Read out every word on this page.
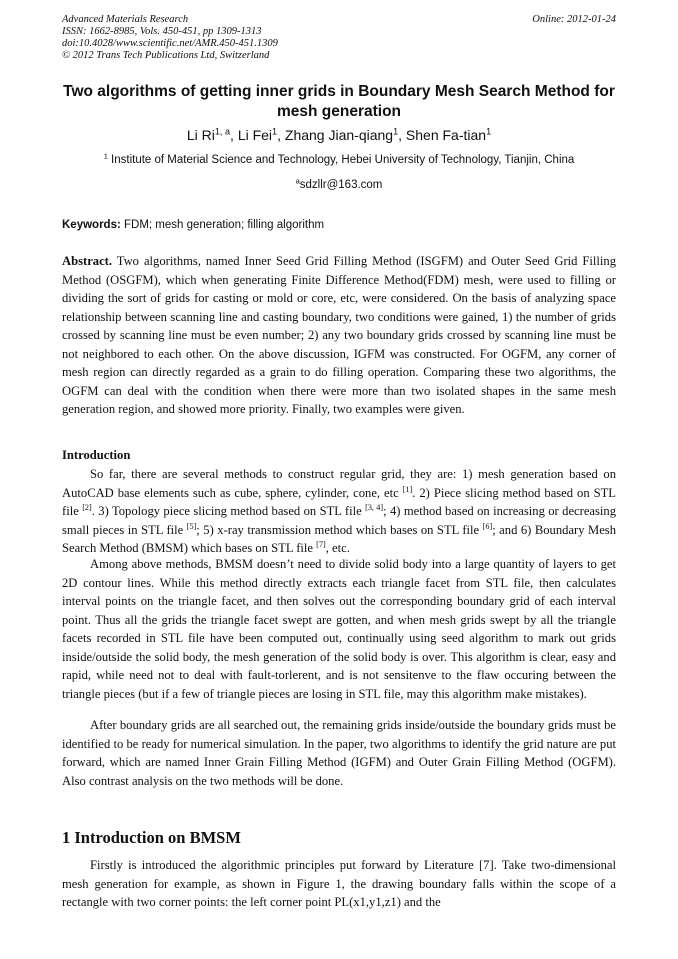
Advanced Materials Research
ISSN: 1662-8985, Vols. 450-451, pp 1309-1313
doi:10.4028/www.scientific.net/AMR.450-451.1309
© 2012 Trans Tech Publications Ltd, Switzerland
Online: 2012-01-24
Two algorithms of getting inner grids in Boundary Mesh Search Method for mesh generation
Li Ri$^{1, a}$, Li Fei$^1$, Zhang Jian-qiang$^1$, Shen Fa-tian$^1$
$^1$ Institute of Material Science and Technology, Hebei University of Technology, Tianjin, China
$^a$sdzllr@163.com
Keywords: FDM; mesh generation; filling algorithm

Abstract. Two algorithms, named Inner Seed Grid Filling Method (ISGFM) and Outer Seed Grid Filling Method (OSGFM), which when generating Finite Difference Method(FDM) mesh, were used to filling or dividing the sort of grids for casting or mold or core, etc, were considered. On the basis of analyzing space relationship between scanning line and casting boundary, two conditions were gained, 1) the number of grids crossed by scanning line must be even number; 2) any two boundary grids crossed by scanning line must be not neighbored to each other. On the above discussion, IGFM was constructed. For OGFM, any corner of mesh region can directly regarded as a grain to do filling operation. Comparing these two algorithms, the OGFM can deal with the condition when there were more than two isolated shapes in the same mesh generation region, and showed more priority. Finally, two examples were given.

Introduction

So far, there are several methods to construct regular grid, they are: 1) mesh generation based on AutoCAD base elements such as cube, sphere, cylinder, cone, etc [1]. 2) Piece slicing method based on STL file [2]. 3) Topology piece slicing method based on STL file [3, 4]; 4) method based on increasing or decreasing small pieces in STL file [5]; 5) x-ray transmission method which bases on STL file [6]; and 6) Boundary Mesh Search Method (BMSM) which bases on STL file [7], etc.

Among above methods, BMSM doesn’t need to divide solid body into a large quantity of layers to get 2D contour lines. While this method directly extracts each triangle facet from STL file, then calculates interval points on the triangle facet, and then solves out the corresponding boundary grid of each interval point. Thus all the grids the triangle facet swept are gotten, and when mesh grids swept by all the triangle facets recorded in STL file have been computed out, continually using seed algorithm to mark out grids inside/outside the solid body, the mesh generation of the solid body is over. This algorithm is clear, easy and rapid, while need not to deal with fault-torlerent, and is not sensitenve to the flaw occuring between the triangle pieces (but if a few of triangle pieces are losing in STL file, may this algorithm make mistakes).

After boundary grids are all searched out, the remaining grids inside/outside the boundary grids must be identified to be ready for numerical simulation. In the paper, two algorithms to identify the grid nature are put forward, which are named Inner Grain Filling Method (IGFM) and Outer Grain Filling Method (OGFM). Also contrast analysis on the two methods will be done.

1 Introduction on BMSM

Firstly is introduced the algorithmic principles put forward by Literature [7]. Take two-dimensional mesh generation for example, as shown in Figure 1, the drawing boundary falls within the scope of a rectangle with two corner points: the left corner point PL(x1,y1,z1) and the
